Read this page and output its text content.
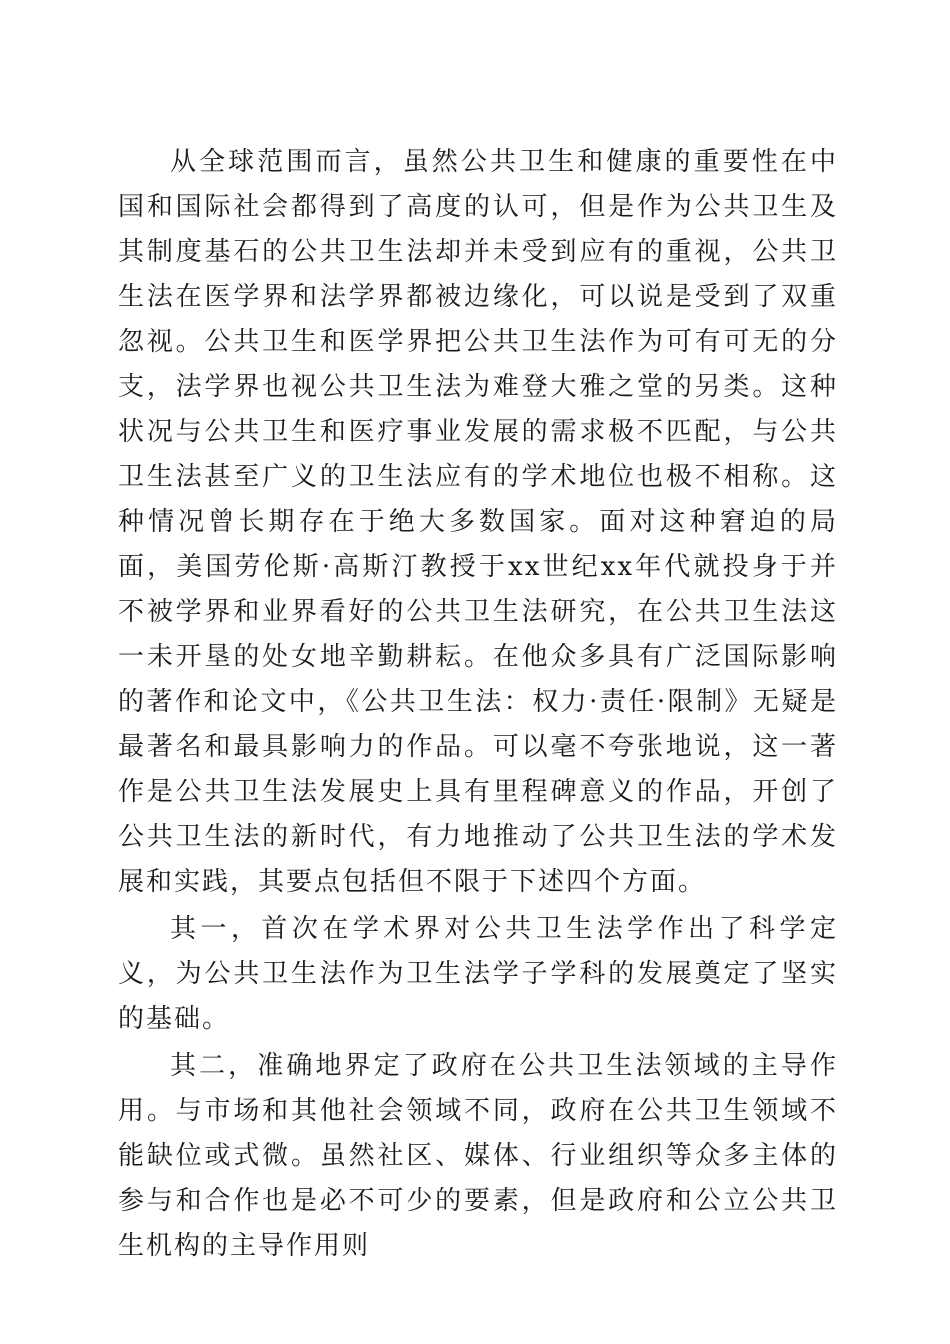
从全球范围而言，虽然公共卫生和健康的重要性在中国和国际社会都得到了高度的认可，但是作为公共卫生及其制度基石的公共卫生法却并未受到应有的重视，公共卫生法在医学界和法学界都被边缘化，可以说是受到了双重忽视。公共卫生和医学界把公共卫生法作为可有可无的分支，法学界也视公共卫生法为难登大雅之堂的另类。这种状况与公共卫生和医疗事业发展的需求极不匹配，与公共卫生法甚至广义的卫生法应有的学术地位也极不相称。这种情况曾长期存在于绝大多数国家。面对这种窘迫的局面，美国劳伦斯·高斯汀教授于xx世纪xx年代就投身于并不被学界和业界看好的公共卫生法研究，在公共卫生法这一未开垦的处女地辛勤耕耘。在他众多具有广泛国际影响的著作和论文中，《公共卫生法：权力·责任·限制》无疑是最著名和最具影响力的作品。可以毫不夸张地说，这一著作是公共卫生法发展史上具有里程碑意义的作品，开创了公共卫生法的新时代，有力地推动了公共卫生法的学术发展和实践，其要点包括但不限于下述四个方面。

其一，首次在学术界对公共卫生法学作出了科学定义，为公共卫生法作为卫生法学子学科的发展奠定了坚实的基础。

其二，准确地界定了政府在公共卫生法领域的主导作用。与市场和其他社会领域不同，政府在公共卫生领域不能缺位或式微。虽然社区、媒体、行业组织等众多主体的参与和合作也是必不可少的要素，但是政府和公立公共卫生机构的主导作用则
